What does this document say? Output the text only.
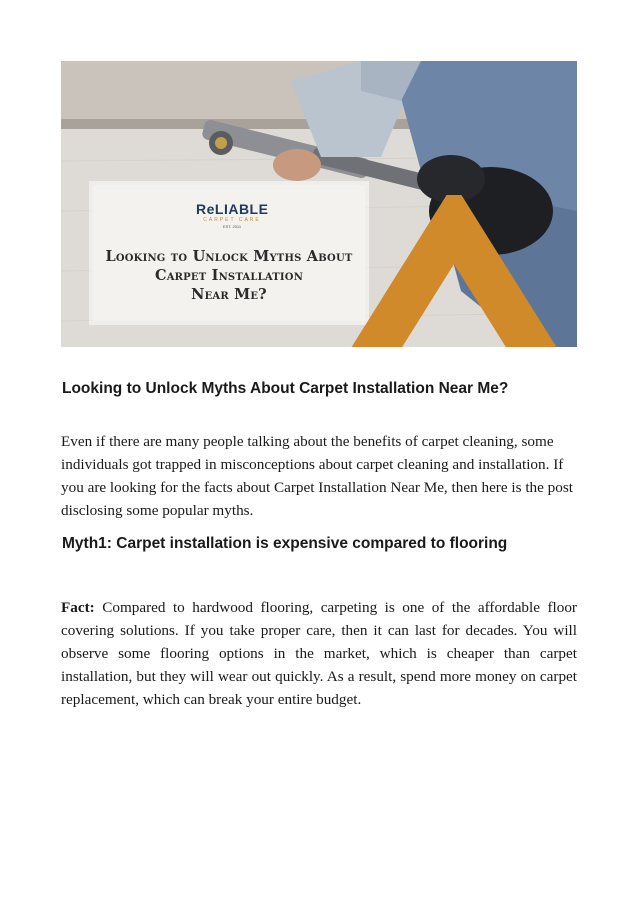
ReLIABLE
CARPET CARE
EST. 2011
Looking to Unlock Myths About
Carpet Installation
Near Me?
Looking to Unlock Myths About Carpet Installation Near Me?
Even if there are many people talking about the benefits of carpet cleaning, some individuals got trapped in misconceptions about carpet cleaning and installation. If you are looking for the facts about Carpet Installation Near Me, then here is the post disclosing some popular myths.
Myth1: Carpet installation is expensive compared to flooring
Fact: Compared to hardwood flooring, carpeting is one of the affordable floor covering solutions. If you take proper care, then it can last for decades. You will observe some flooring options in the market, which is cheaper than carpet installation, but they will wear out quickly. As a result, spend more money on carpet replacement, which can break your entire budget.
